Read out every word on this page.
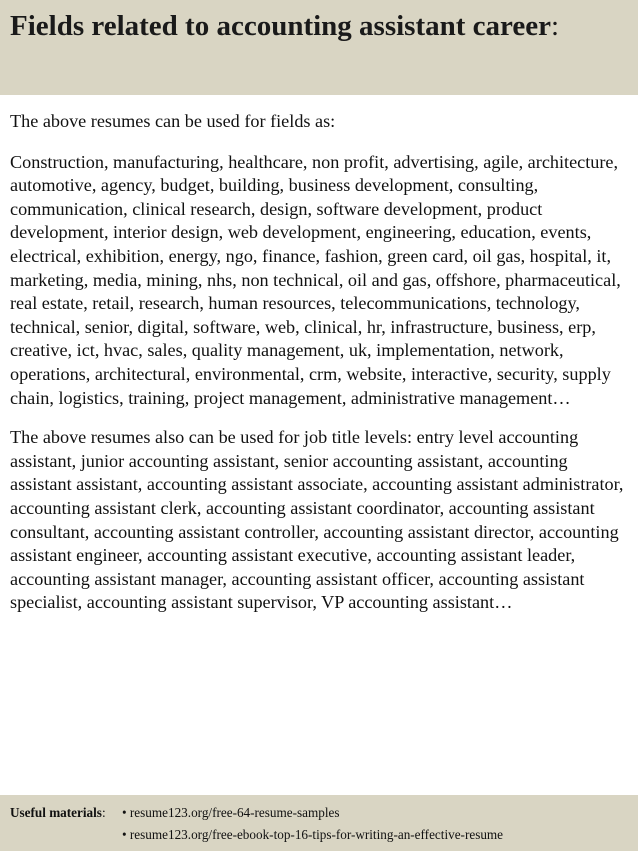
Fields related to accounting assistant career:

The above resumes can be used for fields as:

Construction, manufacturing, healthcare, non profit, advertising, agile, architecture, automotive, agency, budget, building, business development, consulting, communication, clinical research, design, software development, product development, interior design, web development, engineering, education, events, electrical, exhibition, energy, ngo, finance, fashion, green card, oil gas, hospital, it, marketing, media, mining, nhs, non technical, oil and gas, offshore, pharmaceutical, real estate, retail, research, human resources, telecommunications, technology, technical, senior, digital, software, web, clinical, hr, infrastructure, business, erp, creative, ict, hvac, sales, quality management, uk, implementation, network, operations, architectural, environmental, crm, website, interactive, security, supply chain, logistics, training, project management, administrative management…

The above resumes also can be used for job title levels: entry level accounting assistant, junior accounting assistant, senior accounting assistant, accounting assistant assistant, accounting assistant associate, accounting assistant administrator, accounting assistant clerk, accounting assistant coordinator, accounting assistant consultant, accounting assistant controller, accounting assistant director, accounting assistant engineer, accounting assistant executive, accounting assistant leader, accounting assistant manager, accounting assistant officer, accounting assistant specialist, accounting assistant supervisor, VP accounting assistant…

Useful materials:	• resume123.org/free-64-resume-samples
• resume123.org/free-ebook-top-16-tips-for-writing-an-effective-resume
